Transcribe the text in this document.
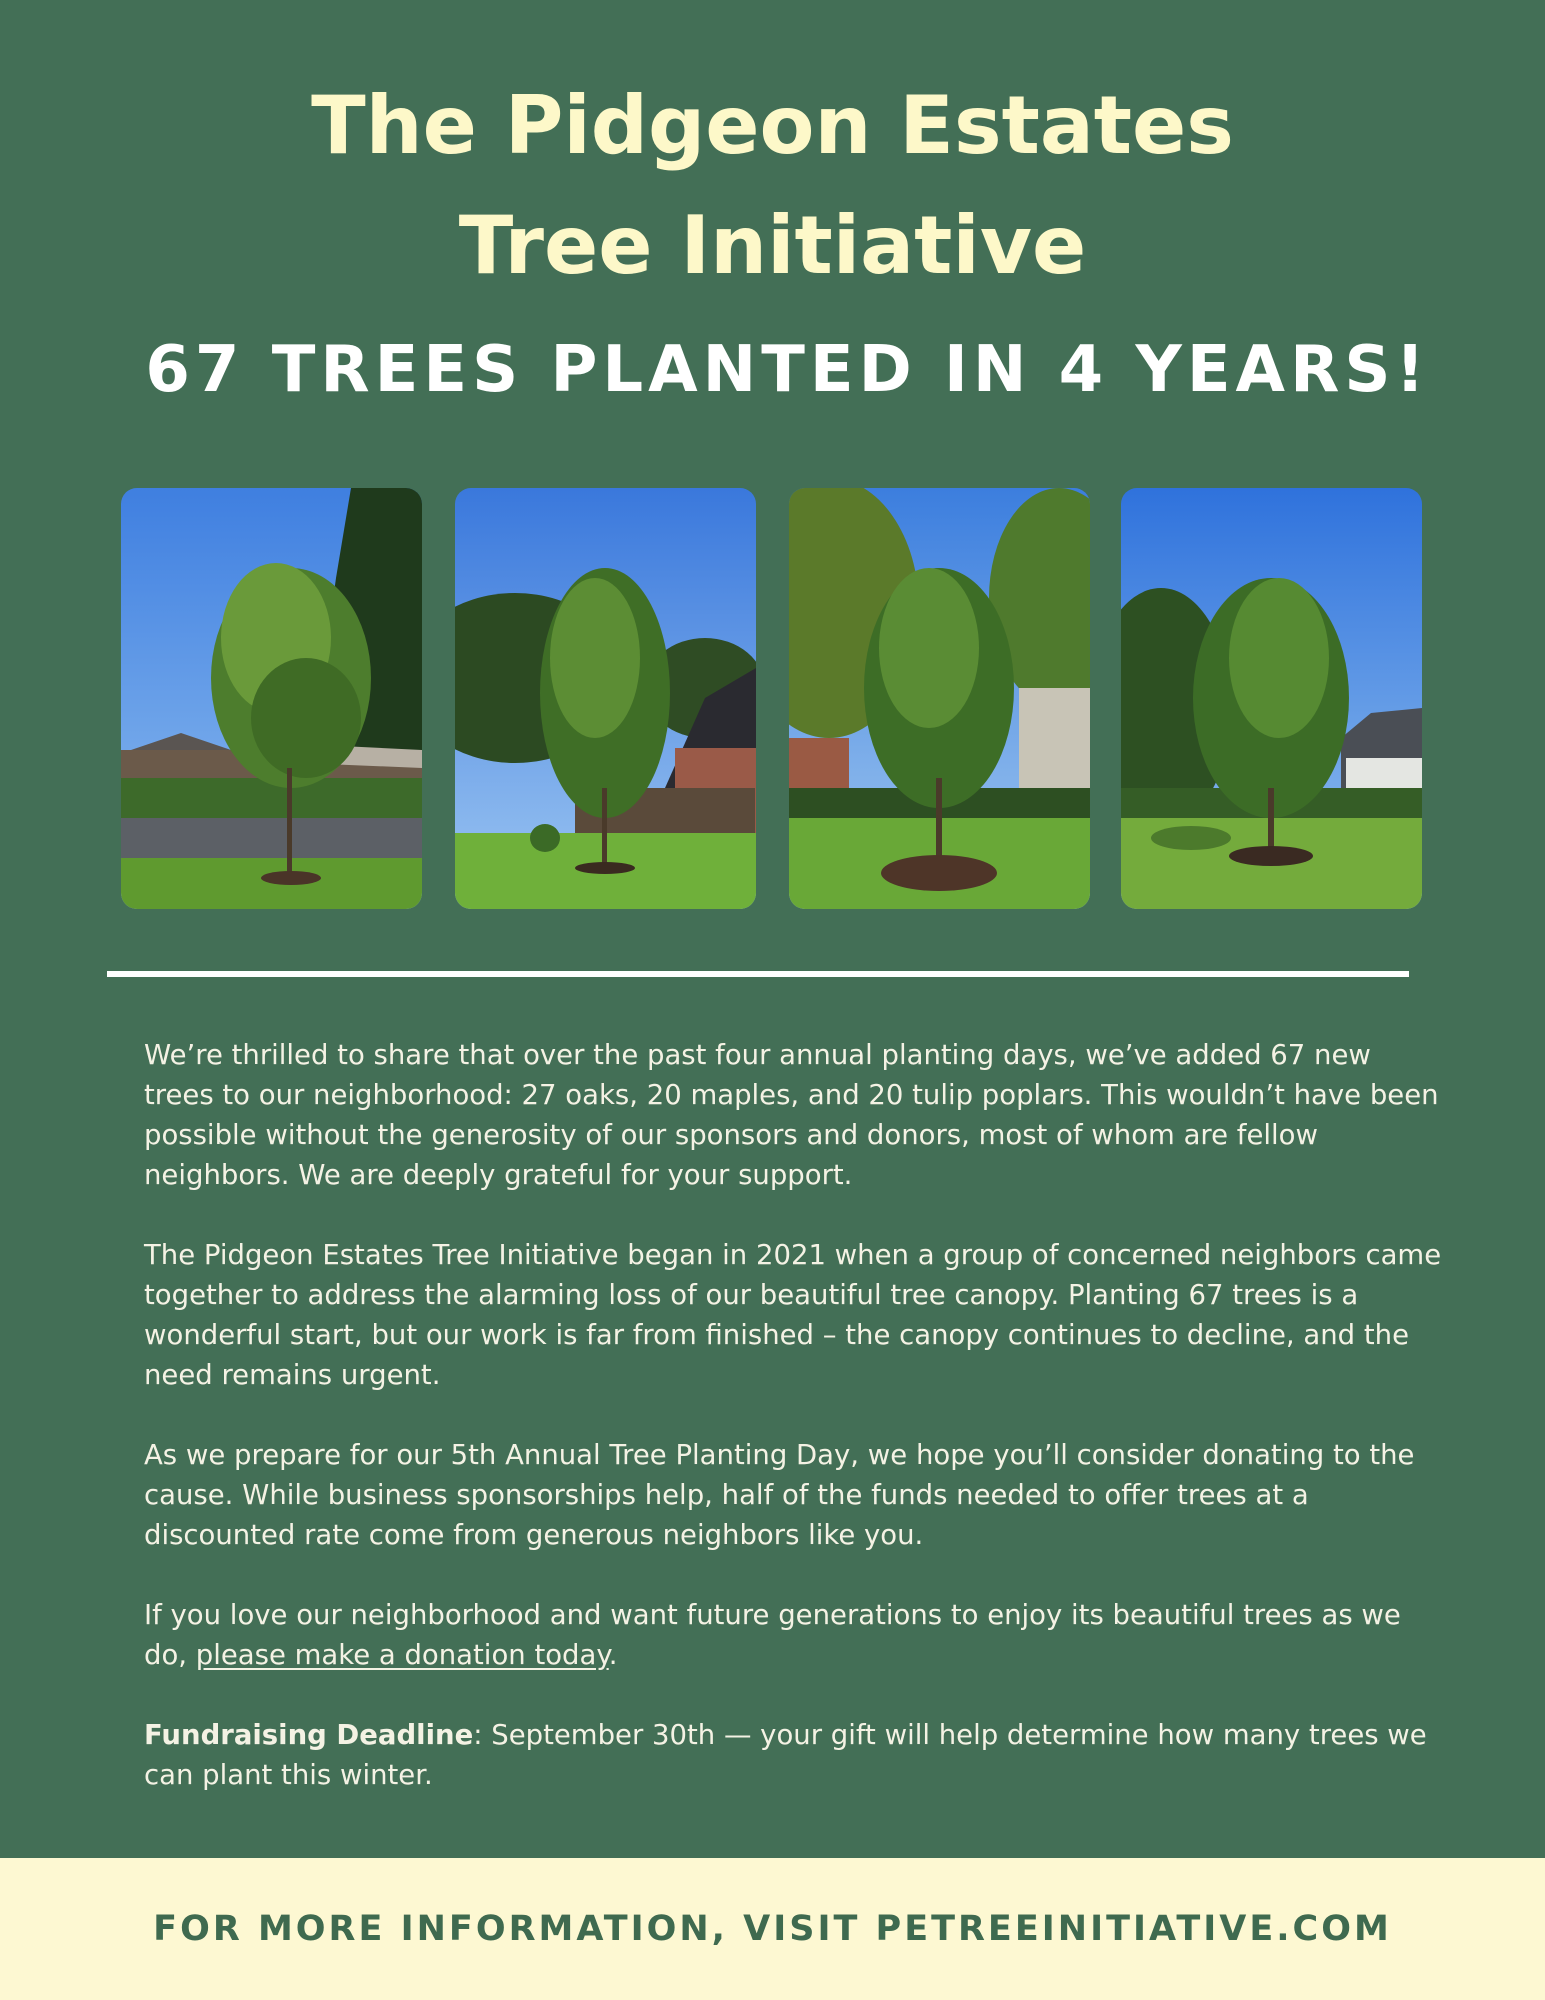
The Pidgeon Estates
Tree Initiative
67 TREES PLANTED IN 4 YEARS!

We’re thrilled to share that over the past four annual planting days, we’ve added 67 new trees to our neighborhood: 27 oaks, 20 maples, and 20 tulip poplars. This wouldn’t have been possible without the generosity of our sponsors and donors, most of whom are fellow neighbors. We are deeply grateful for your support.

The Pidgeon Estates Tree Initiative began in 2021 when a group of concerned neighbors came together to address the alarming loss of our beautiful tree canopy. Planting 67 trees is a wonderful start, but our work is far from finished – the canopy continues to decline, and the need remains urgent.

As we prepare for our 5th Annual Tree Planting Day, we hope you’ll consider donating to the cause. While business sponsorships help, half of the funds needed to offer trees at a discounted rate come from generous neighbors like you.

If you love our neighborhood and want future generations to enjoy its beautiful trees as we do, please make a donation today.

Fundraising Deadline: September 30th — your gift will help determine how many trees we can plant this winter.

FOR MORE INFORMATION, VISIT PETREEINITIATIVE.COM
